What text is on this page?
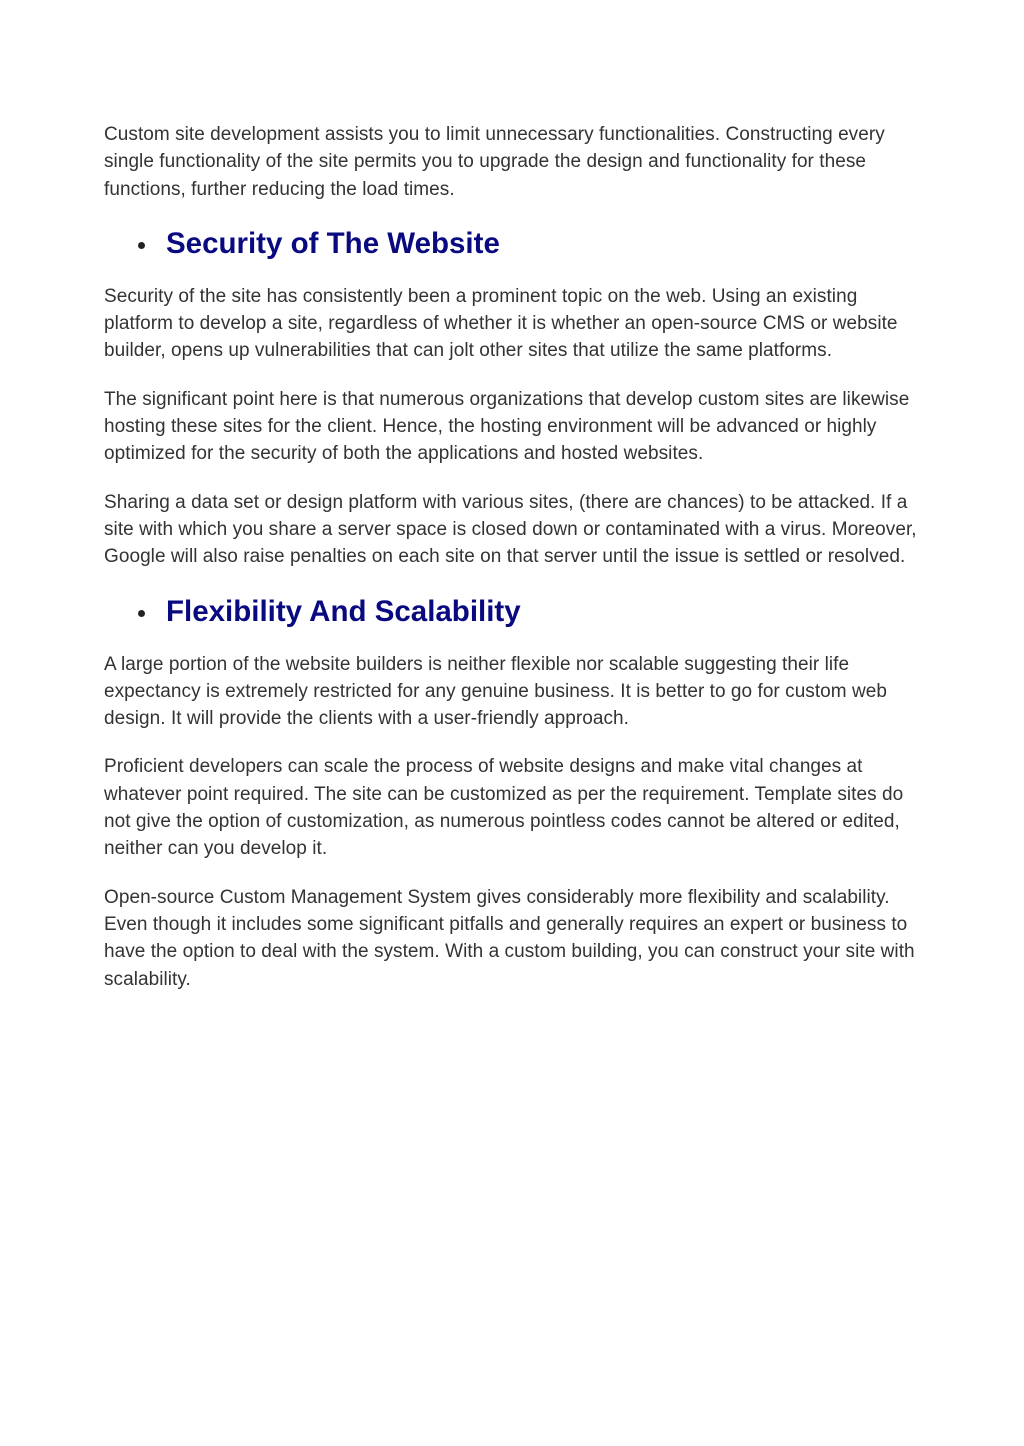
Custom site development assists you to limit unnecessary functionalities. Constructing every single functionality of the site permits you to upgrade the design and functionality for these functions, further reducing the load times.

Security of The Website

Security of the site has consistently been a prominent topic on the web. Using an existing platform to develop a site, regardless of whether it is whether an open-source CMS or website builder, opens up vulnerabilities that can jolt other sites that utilize the same platforms.

The significant point here is that numerous organizations that develop custom sites are likewise hosting these sites for the client. Hence, the hosting environment will be advanced or highly optimized for the security of both the applications and hosted websites.

Sharing a data set or design platform with various sites, (there are chances) to be attacked. If a site with which you share a server space is closed down or contaminated with a virus. Moreover, Google will also raise penalties on each site on that server until the issue is settled or resolved.

Flexibility And Scalability

A large portion of the website builders is neither flexible nor scalable suggesting their life expectancy is extremely restricted for any genuine business. It is better to go for custom web design. It will provide the clients with a user-friendly approach.

Proficient developers can scale the process of website designs and make vital changes at whatever point required. The site can be customized as per the requirement. Template sites do not give the option of customization, as numerous pointless codes cannot be altered or edited, neither can you develop it.

Open-source Custom Management System gives considerably more flexibility and scalability. Even though it includes some significant pitfalls and generally requires an expert or business to have the option to deal with the system. With a custom building, you can construct your site with scalability.
